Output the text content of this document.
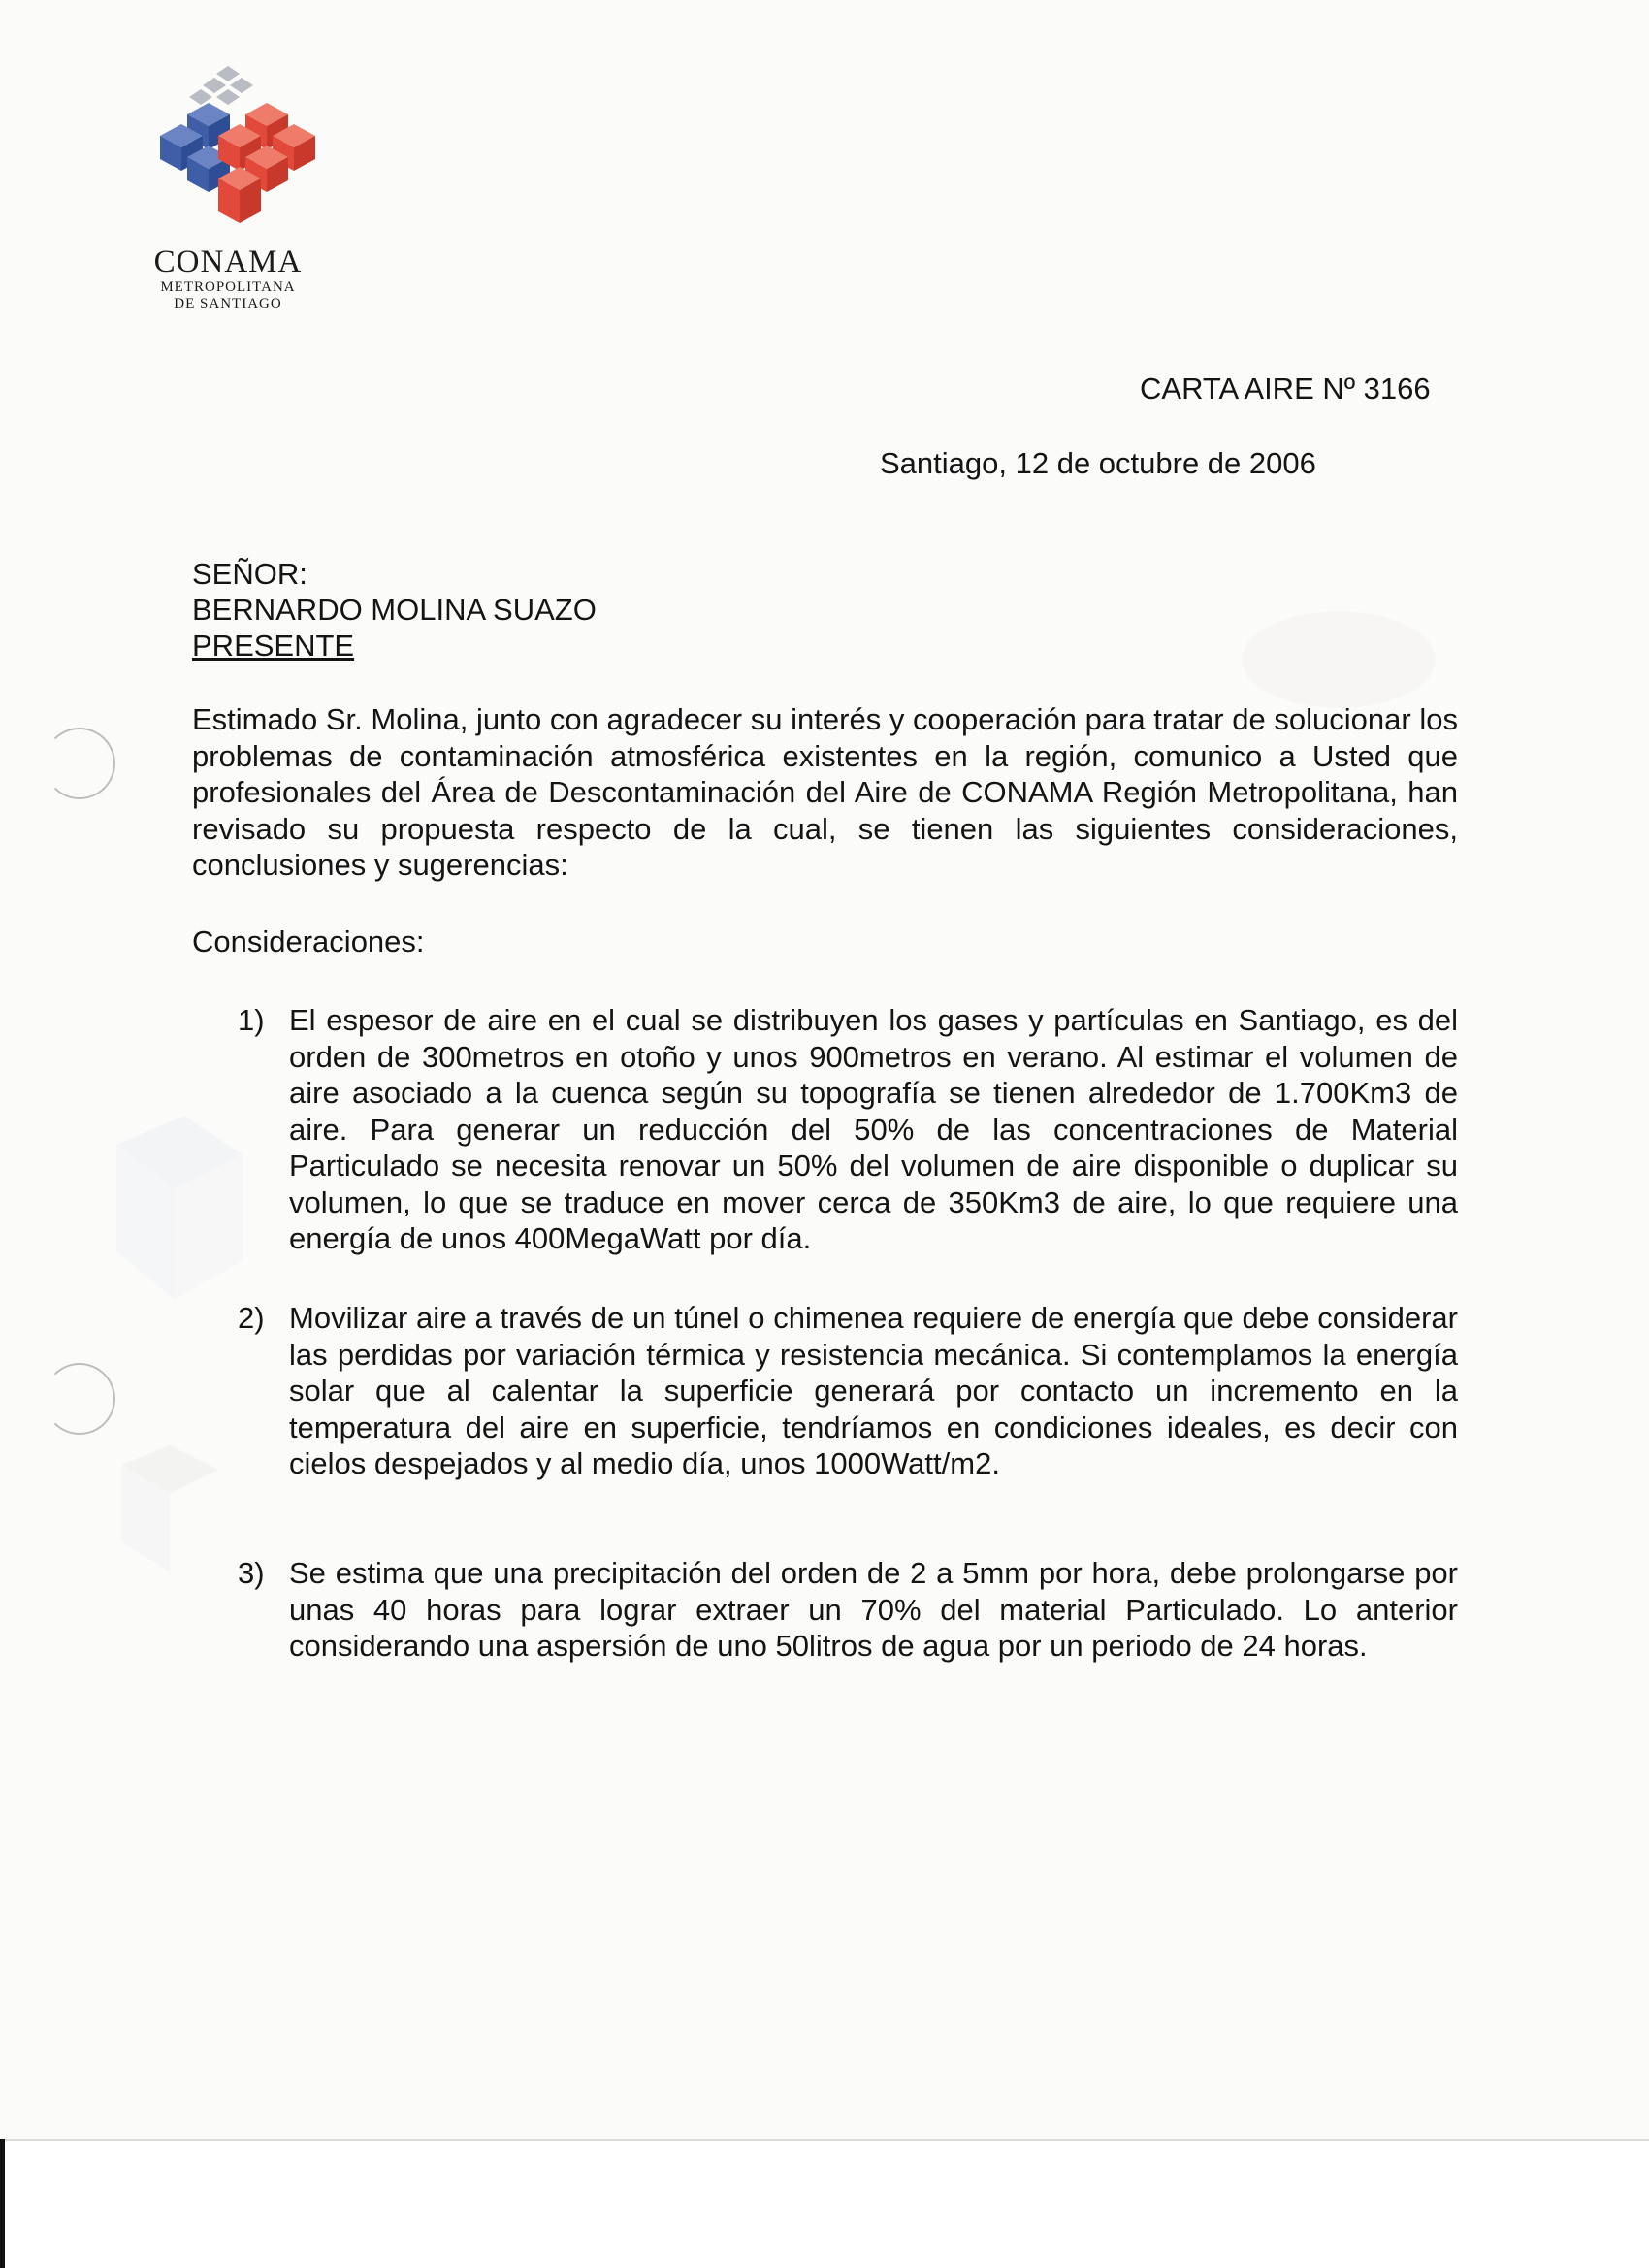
CONAMA
METROPOLITANA
DE SANTIAGO
CARTA AIRE Nº 3166
Santiago, 12 de octubre de 2006
SEÑOR:
BERNARDO MOLINA SUAZO
PRESENTE

Estimado Sr. Molina, junto con agradecer su interés y cooperación para tratar de solucionar los problemas de contaminación atmosférica existentes en la región, comunico a Usted que profesionales del Área de Descontaminación del Aire de CONAMA Región Metropolitana, han revisado su propuesta respecto de la cual, se tienen las siguientes consideraciones, conclusiones y sugerencias:

Consideraciones:

1) El espesor de aire en el cual se distribuyen los gases y partículas en Santiago, es del orden de 300metros en otoño y unos 900metros en verano. Al estimar el volumen de aire asociado a la cuenca según su topografía se tienen alrededor de 1.700Km3 de aire. Para generar un reducción del 50% de las concentraciones de Material Particulado se necesita renovar un 50% del volumen de aire disponible o duplicar su volumen, lo que se traduce en mover cerca de 350Km3 de aire, lo que requiere una energía de unos 400MegaWatt por día.

2) Movilizar aire a través de un túnel o chimenea requiere de energía que debe considerar las perdidas por variación térmica y resistencia mecánica. Si contemplamos la energía solar que al calentar la superficie generará por contacto un incremento en la temperatura del aire en superficie, tendríamos en condiciones ideales, es decir con cielos despejados y al medio día, unos 1000Watt/m2.

3) Se estima que una precipitación del orden de 2 a 5mm por hora, debe prolongarse por unas 40 horas para lograr extraer un 70% del material Particulado. Lo anterior considerando una aspersión de uno 50litros de agua por un periodo de 24 horas.
